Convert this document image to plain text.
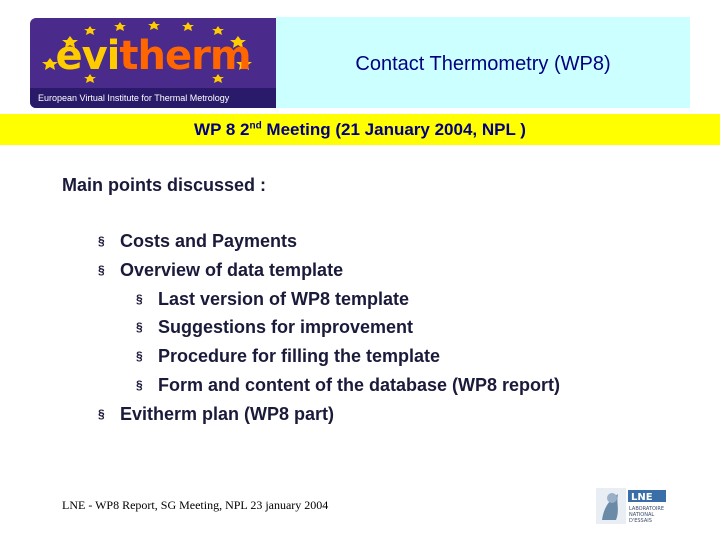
evitherm
European Virtual Institute for Thermal Metrology
Contact Thermometry (WP8)
WP 8 2nd Meeting (21 January 2004, NPL )
Main points discussed :
§ Costs and Payments
§ Overview of data template
§ Last version of WP8 template
§ Suggestions for improvement
§ Procedure for filling the template
§ Form and content of the database (WP8 report)
§ Evitherm plan (WP8 part)
LNE - WP8 Report, SG Meeting, NPL 23 january 2004
LNE
LABORATOIRE
NATIONAL
D'ESSAIS
